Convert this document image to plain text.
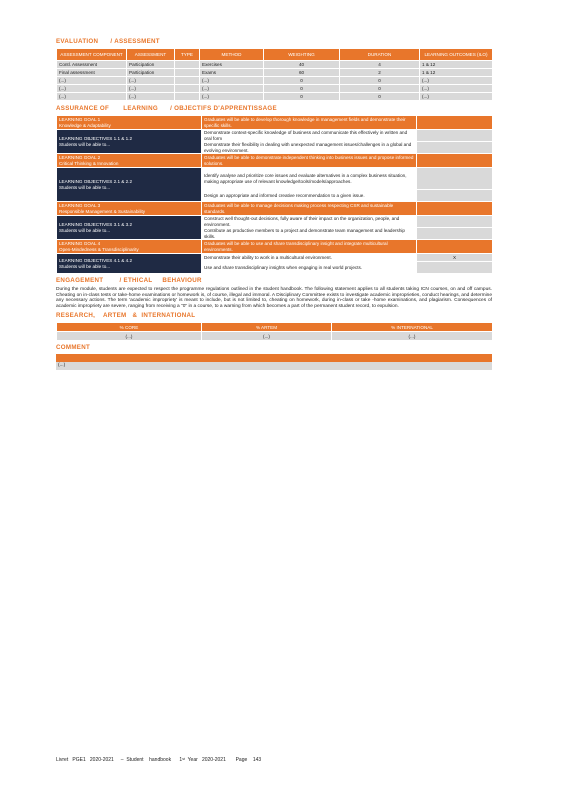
EVALUATION      / ASSESSMENT
ASSESSMENT COMPONENT	ASSESSMENT	TYPE	METHOD	WEIGHTING	DURATION	LEARNING OUTCOMES (ILO)
Contl. Assessment	Participation		Exercises	40	4	1 & 12
Final assessment	Participation		Exams	60	2	1 & 12
(...)	(...)		(...)	0	0	(...)
(...)	(...)		(...)	0	0	(...)
(...)	(...)		(...)	0	0	(...)
ASSURANCE OF       LEARNING      / OBJECTIFS D'APPRENTISSAGE
LEARNING GOAL 1
Knowledge & Adaptability	Graduates will be able to develop thorough knowledge in management fields and demonstrate their specific skills.	

LEARNING OBJECTIVES 1.1 & 1.2
Students will be able to...	Demonstrate context-specific knowledge of business and communicate this effectively in written and oral form	
	Demonstrate their flexibility in dealing with unexpected management issues/challenges in a global and evolving environment.	

LEARNING GOAL 2
Critical Thinking & Innovation	Graduates will be able to demonstrate independent thinking into business issues and propose informed solutions.	

LEARNING OBJECTIVES 2.1 & 2.2
Students will be able to...	Identify analyse and prioritize core issues and evaluate alternatives in a complex business situation, making appropriate use of relevant knowledge/tools/models/approaches.	
	Design an appropriate and informed creative recommendation to a given issue.	

LEARNING GOAL 3
Responsible Management & Sustainability	Graduates will be able to manage decisions making process respecting CSR and sustainable standards.	

LEARNING OBJECTIVES 3.1 & 3.2
Students will be able to...	Construct well thought-out decisions, fully aware of their impact on the organization, people, and environment.	
	Contribute as productive members to a project and demonstrate team management and leadership skills.	

LEARNING GOAL 4
Open-Mindedness & Transdisciplinarity	Graduates will be able to use and share transdisciplinary insight and integrate multicultural environments.	

LEARNING OBJECTIVES 4.1 & 4.2
Students will be able to...	Demonstrate their ability to work in a multicultural environment.	X
	Use and share transdisciplinary insights when engaging in real world projects.	
ENGAGEMENT        / ETHICAL     BEHAVIOUR

During the module, students are expected to respect the programme regulations outlined in the student handbook. The following statement applies to all students taking ICN courses, on and off campus. Cheating on in-class tests or take-home examinations or homework is, of course, illegal and immoral. A Disciplinary Committee exists to investigate academic improprieties, conduct hearings, and determine any necessary actions. The term 'academic impropriety' is meant to include, but is not limited to, cheating on homework, during in-class or take -home examinations, and plagiarism. Consequences of academic impropriety are severe, ranging from receiving a "0" in a course, to a warning from which becomes a part of the permanent student record, to expulsion.

RESEARCH,    ARTEM   &  INTERNATIONAL
% CORE	% ARTEM	% INTERNATIONAL
(...)	(...)	(...)
COMMENT
(...)
Livret   PGE1   2020-2021     –  Student    handbook      1ˢᵗ  Year   2020-2021       Page    143
